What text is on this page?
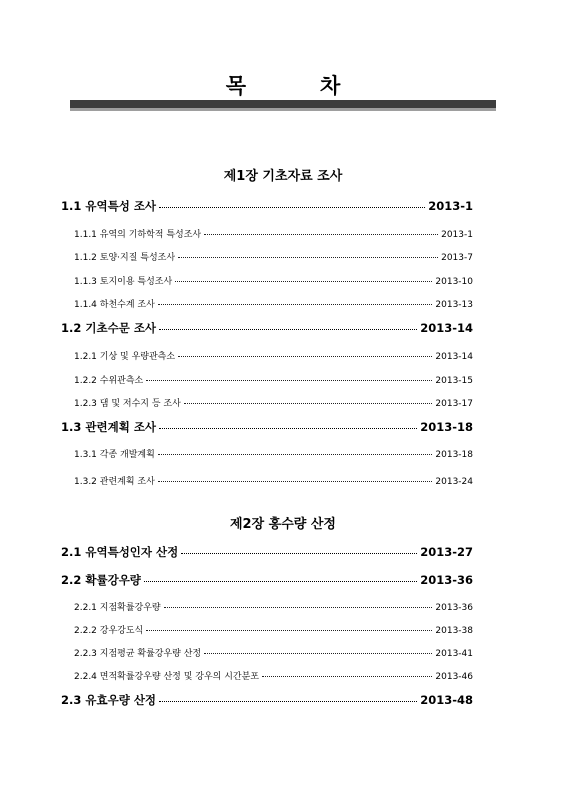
목	차
제1장 기초자료 조사
1.1 유역특성 조사	2013-1
1.1.1 유역의 기하학적 특성조사	2013-1
1.1.2 토양·지질 특성조사	2013-7
1.1.3 토지이용 특성조사	2013-10
1.1.4 하천수계 조사	2013-13
1.2 기초수문 조사	2013-14
1.2.1 기상 및 우량관측소	2013-14
1.2.2 수위관측소	2013-15
1.2.3 댐 및 저수지 등 조사	2013-17
1.3 관련계획 조사	2013-18
1.3.1 각종 개발계획	2013-18
1.3.2 관련계획 조사	2013-24
제2장 홍수량 산정
2.1 유역특성인자 산정	2013-27
2.2 확률강우량	2013-36
2.2.1 지점확률강우량	2013-36
2.2.2 강우강도식	2013-38
2.2.3 지점평균 확률강우량 산정	2013-41
2.2.4 면적확률강우량 산정 및 강우의 시간분포	2013-46
2.3 유효우량 산정	2013-48
